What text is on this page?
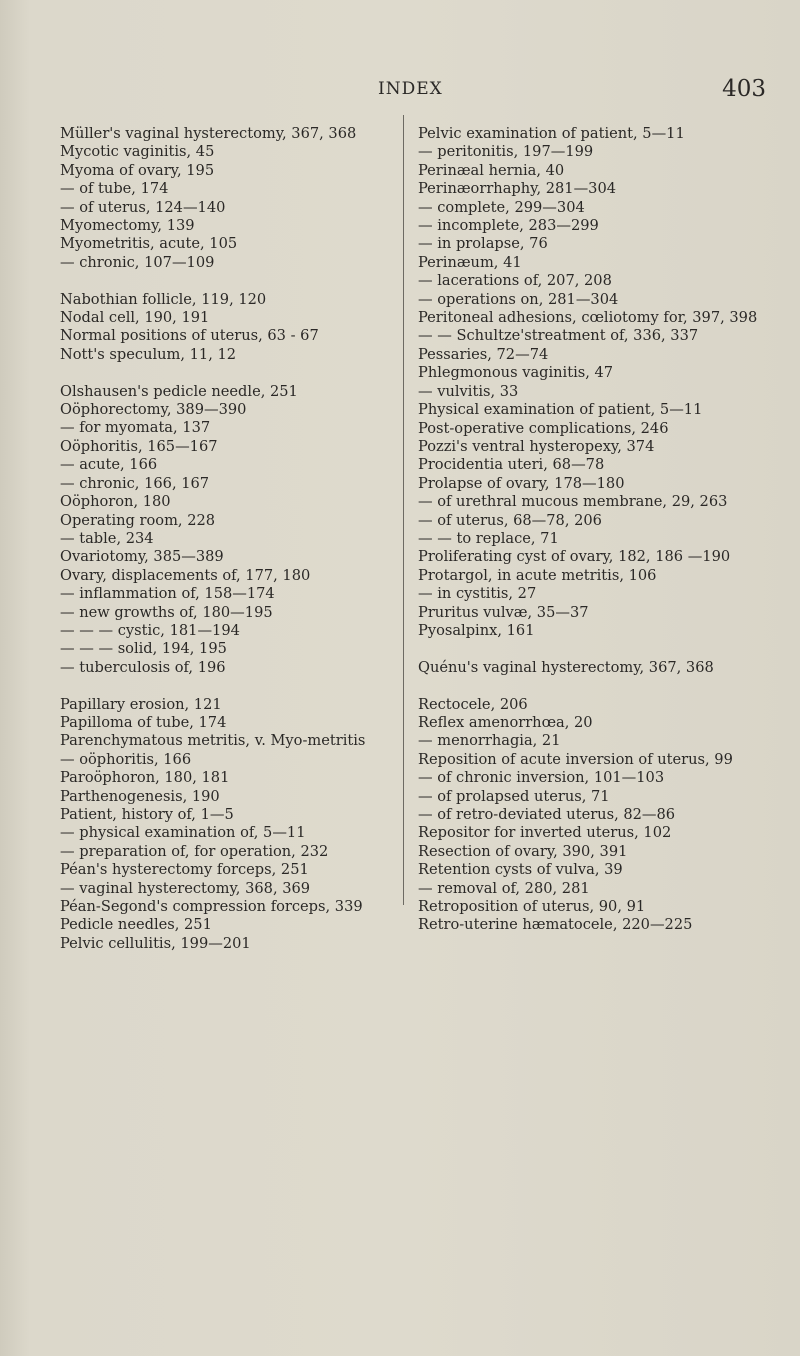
INDEX	403

Müller's vaginal hysterectomy, 367, 368

Mycotic vaginitis, 45

Myoma of ovary, 195

— of tube, 174

— of uterus, 124—140

Myomectomy, 139

Myometritis, acute, 105

— chronic, 107—109

Nabothian follicle, 119, 120

Nodal cell, 190, 191

Normal positions of uterus, 63 - 67

Nott's speculum, 11, 12

Olshausen's pedicle needle, 251

Oöphorectomy, 389—390

— for myomata, 137

Oöphoritis, 165—167

— acute, 166

— chronic, 166, 167

Oöphoron, 180

Operating room, 228

— table, 234

Ovariotomy, 385—389

Ovary, displacements of, 177, 180

— inflammation of, 158—174

— new growths of, 180—195

— — — cystic, 181—194

— — — solid, 194, 195

— tuberculosis of, 196

Papillary erosion, 121

Papilloma of tube, 174

Parenchymatous metritis, v. Myo-metritis

— oöphoritis, 166

Paroöphoron, 180, 181

Parthenogenesis, 190

Patient, history of, 1—5

— physical examination of, 5—11

— preparation of, for operation, 232

Péan's hysterectomy forceps, 251

— vaginal hysterectomy, 368, 369

Péan-Segond's compression forceps, 339

Pedicle needles, 251

Pelvic cellulitis, 199—201

Pelvic examination of patient, 5—11

— peritonitis, 197—199

Perinæal hernia, 40

Perinæorrhaphy, 281—304

— complete, 299—304

— incomplete, 283—299

— in prolapse, 76

Perinæum, 41

— lacerations of, 207, 208

— operations on, 281—304

Peritoneal adhesions, cœliotomy for, 397, 398

— — Schultze'streatment of, 336, 337

Pessaries, 72—74

Phlegmonous vaginitis, 47

— vulvitis, 33

Physical examination of patient, 5—11

Post-operative complications, 246

Pozzi's ventral hysteropexy, 374

Procidentia uteri, 68—78

Prolapse of ovary, 178—180

— of urethral mucous membrane, 29, 263

— of uterus, 68—78, 206

— — to replace, 71

Proliferating cyst of ovary, 182, 186 —190

Protargol, in acute metritis, 106

— in cystitis, 27

Pruritus vulvæ, 35—37

Pyosalpinx, 161

Quénu's vaginal hysterectomy, 367, 368

Rectocele, 206

Reflex amenorrhœa, 20

— menorrhagia, 21

Reposition of acute inversion of uterus, 99

— of chronic inversion, 101—103

— of prolapsed uterus, 71

— of retro-deviated uterus, 82—86

Repositor for inverted uterus, 102

Resection of ovary, 390, 391

Retention cysts of vulva, 39

— removal of, 280, 281

Retroposition of uterus, 90, 91

Retro-uterine hæmatocele, 220—225
